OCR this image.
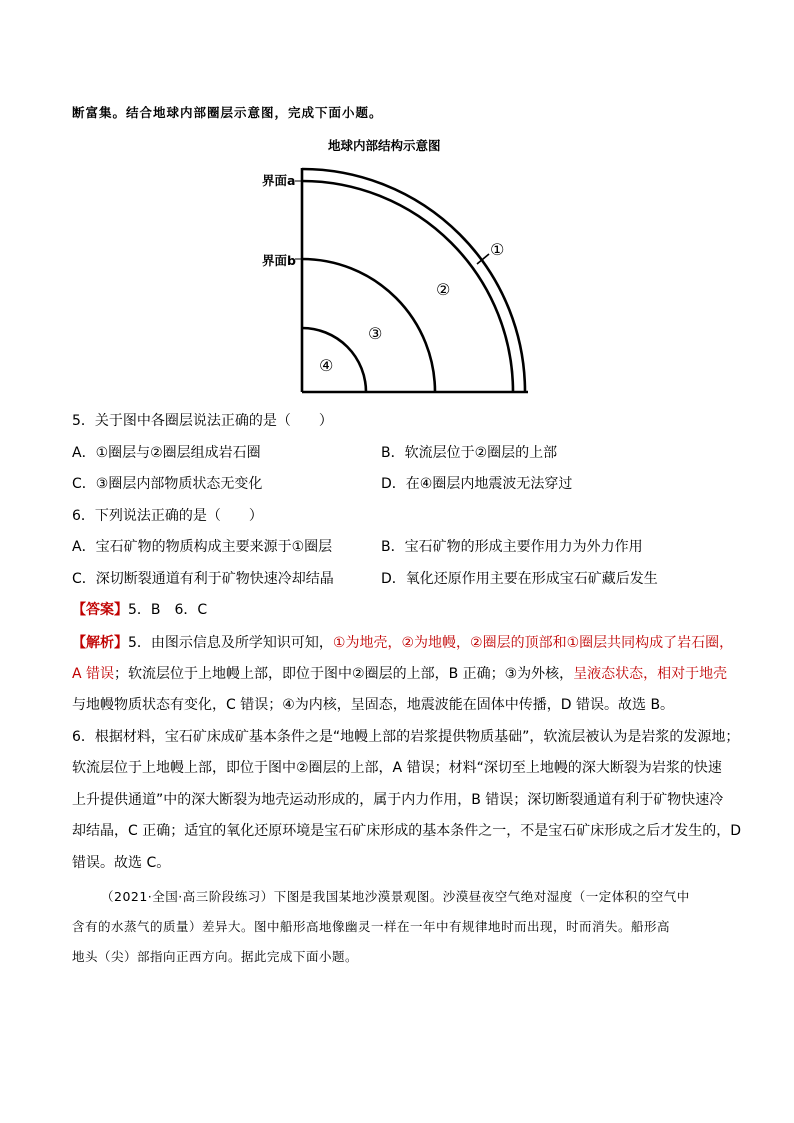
断富集。结合地球内部圈层示意图，完成下面小题。
地球内部结构示意图
界面a
界面b
①
②
③
④
5．关于图中各圈层说法正确的是（　　）
A．①圈层与②圈层组成岩石圈	B．软流层位于②圈层的上部
C．③圈层内部物质状态无变化	D．在④圈层内地震波无法穿过
6．下列说法正确的是（　　）
A．宝石矿物的物质构成主要来源于①圈层	B．宝石矿物的形成主要作用力为外力作用
C．深切断裂通道有利于矿物快速冷却结晶	D．氧化还原作用主要在形成宝石矿藏后发生
【答案】5．B　6．C
【解析】5．由图示信息及所学知识可知，①为地壳，②为地幔，②圈层的顶部和①圈层共同构成了岩石圈，
A 错误；软流层位于上地幔上部，即位于图中②圈层的上部，B 正确；③为外核，呈液态状态，相对于地壳
与地幔物质状态有变化，C 错误；④为内核，呈固态，地震波能在固体中传播，D 错误。故选 B。
6．根据材料，宝石矿床成矿基本条件之是“地幔上部的岩浆提供物质基础”，软流层被认为是岩浆的发源地；
软流层位于上地幔上部，即位于图中②圈层的上部，A 错误；材料“深切至上地幔的深大断裂为岩浆的快速
上升提供通道”中的深大断裂为地壳运动形成的，属于内力作用，B 错误；深切断裂通道有利于矿物快速冷
却结晶，C 正确；适宜的氧化还原环境是宝石矿床形成的基本条件之一，不是宝石矿床形成之后才发生的，D
错误。故选 C。
（2021·全国·高三阶段练习）下图是我国某地沙漠景观图。沙漠昼夜空气绝对湿度（一定体积的空气中
含有的水蒸气的质量）差异大。图中船形高地像幽灵一样在一年中有规律地时而出现，时而消失。船形高
地头（尖）部指向正西方向。据此完成下面小题。
